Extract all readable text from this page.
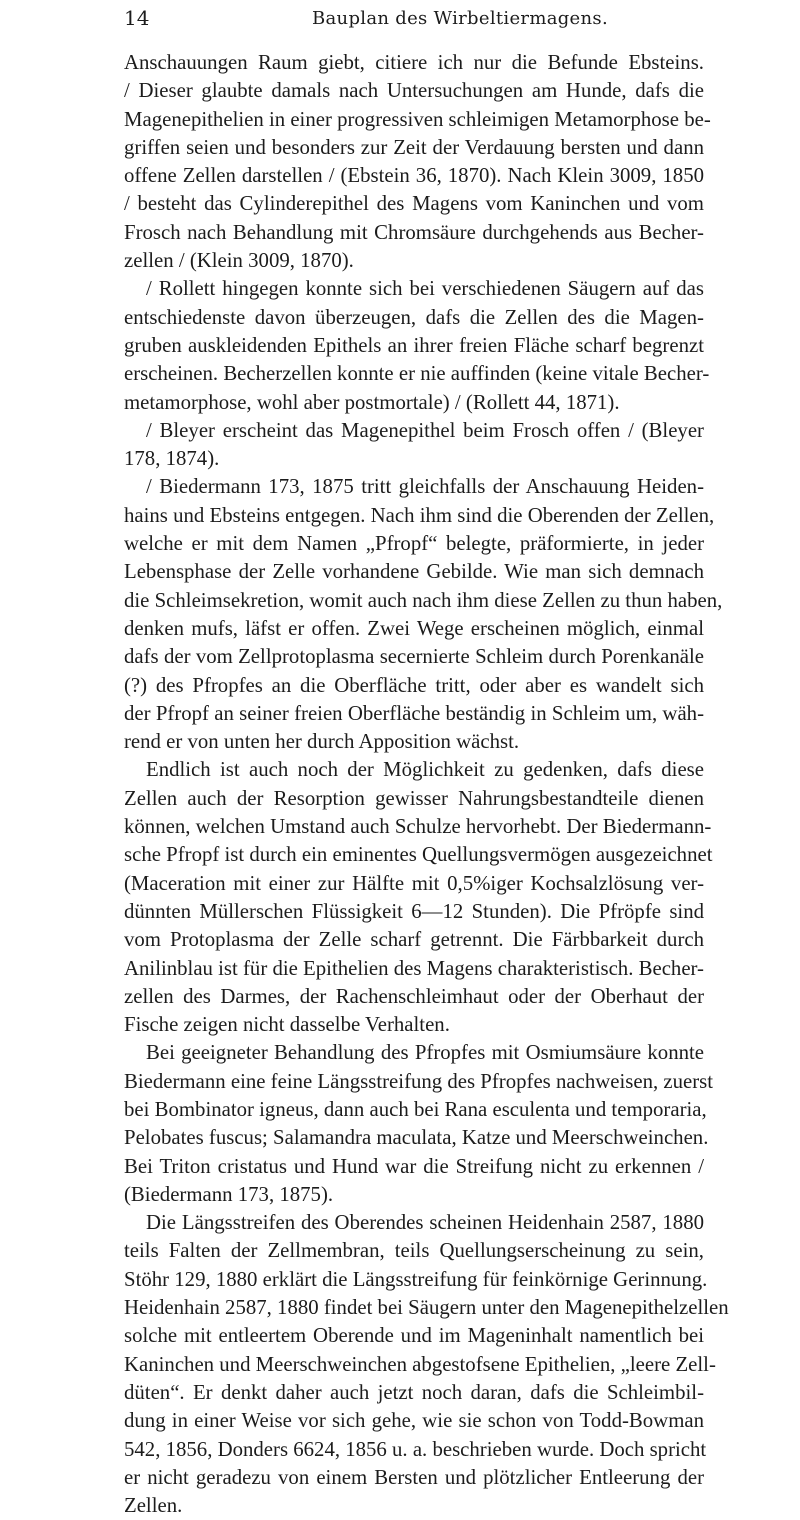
14	Bauplan des Wirbeltiermagens.
Anschauungen Raum giebt, citiere ich nur die Befunde Ebsteins.
/ Dieser glaubte damals nach Untersuchungen am Hunde, dafs die
Magenepithelien in einer progressiven schleimigen Metamorphose be-
griffen seien und besonders zur Zeit der Verdauung bersten und dann
offene Zellen darstellen / (Ebstein 36, 1870). Nach Klein 3009, 1850
/ besteht das Cylinderepithel des Magens vom Kaninchen und vom
Frosch nach Behandlung mit Chromsäure durchgehends aus Becher-
zellen / (Klein 3009, 1870).
/ Rollett hingegen konnte sich bei verschiedenen Säugern auf das
entschiedenste davon überzeugen, dafs die Zellen des die Magen-
gruben auskleidenden Epithels an ihrer freien Fläche scharf begrenzt
erscheinen. Becherzellen konnte er nie auffinden (keine vitale Becher-
metamorphose, wohl aber postmortale) / (Rollett 44, 1871).
/ Bleyer erscheint das Magenepithel beim Frosch offen / (Bleyer
178, 1874).
/ Biedermann 173, 1875 tritt gleichfalls der Anschauung Heiden-
hains und Ebsteins entgegen. Nach ihm sind die Oberenden der Zellen,
welche er mit dem Namen „Pfropf“ belegte, präformierte, in jeder
Lebensphase der Zelle vorhandene Gebilde. Wie man sich demnach
die Schleimsekretion, womit auch nach ihm diese Zellen zu thun haben,
denken mufs, läfst er offen. Zwei Wege erscheinen möglich, einmal
dafs der vom Zellprotoplasma secernierte Schleim durch Porenkanäle
(?) des Pfropfes an die Oberfläche tritt, oder aber es wandelt sich
der Pfropf an seiner freien Oberfläche beständig in Schleim um, wäh-
rend er von unten her durch Apposition wächst.
Endlich ist auch noch der Möglichkeit zu gedenken, dafs diese
Zellen auch der Resorption gewisser Nahrungsbestandteile dienen
können, welchen Umstand auch Schulze hervorhebt. Der Biedermann-
sche Pfropf ist durch ein eminentes Quellungsvermögen ausgezeichnet
(Maceration mit einer zur Hälfte mit 0,5%iger Kochsalzlösung ver-
dünnten Müllerschen Flüssigkeit 6—12 Stunden). Die Pfröpfe sind
vom Protoplasma der Zelle scharf getrennt. Die Färbbarkeit durch
Anilinblau ist für die Epithelien des Magens charakteristisch. Becher-
zellen des Darmes, der Rachenschleimhaut oder der Oberhaut der
Fische zeigen nicht dasselbe Verhalten.
Bei geeigneter Behandlung des Pfropfes mit Osmiumsäure konnte
Biedermann eine feine Längsstreifung des Pfropfes nachweisen, zuerst
bei Bombinator igneus, dann auch bei Rana esculenta und temporaria,
Pelobates fuscus; Salamandra maculata, Katze und Meerschweinchen.
Bei Triton cristatus und Hund war die Streifung nicht zu erkennen /
(Biedermann 173, 1875).
Die Längsstreifen des Oberendes scheinen Heidenhain 2587, 1880
teils Falten der Zellmembran, teils Quellungserscheinung zu sein,
Stöhr 129, 1880 erklärt die Längsstreifung für feinkörnige Gerinnung.
Heidenhain 2587, 1880 findet bei Säugern unter den Magenepithelzellen
solche mit entleertem Oberende und im Mageninhalt namentlich bei
Kaninchen und Meerschweinchen abgestofsene Epithelien, „leere Zell-
düten“. Er denkt daher auch jetzt noch daran, dafs die Schleimbil-
dung in einer Weise vor sich gehe, wie sie schon von Todd-Bowman
542, 1856, Donders 6624, 1856 u. a. beschrieben wurde. Doch spricht
er nicht geradezu von einem Bersten und plötzlicher Entleerung der
Zellen.
